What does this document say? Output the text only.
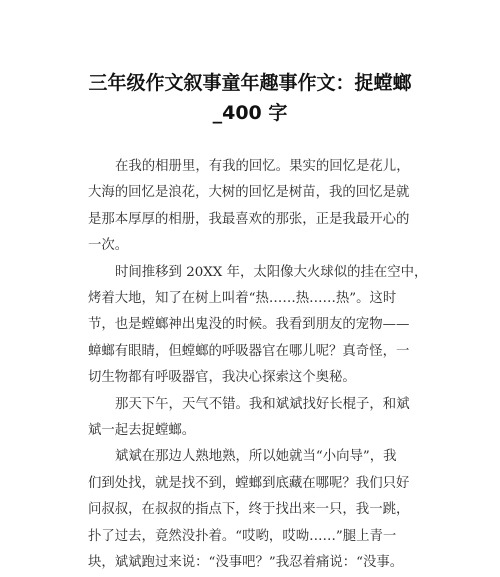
三年级作文叙事童年趣事作文：捉螳螂
_400 字
在我的相册里，有我的回忆。果实的回忆是花儿，
大海的回忆是浪花，大树的回忆是树苗，我的回忆是就
是那本厚厚的相册，我最喜欢的那张，正是我最开心的
一次。
时间推移到 20XX 年，太阳像大火球似的挂在空中，
烤着大地，知了在树上叫着“热……热……热”。这时
节，也是螳螂神出鬼没的时候。我看到朋友的宠物——
蟑螂有眼睛，但螳螂的呼吸器官在哪儿呢？真奇怪，一
切生物都有呼吸器官，我决心探索这个奥秘。
那天下午，天气不错。我和斌斌找好长棍子，和斌
斌一起去捉螳螂。
斌斌在那边人熟地熟，所以她就当“小向导”，我
们到处找，就是找不到，螳螂到底藏在哪呢？我们只好
问叔叔，在叔叔的指点下，终于找出来一只，我一跳，
扑了过去，竟然没扑着。“哎哟，哎呦……”腿上青一
块，斌斌跑过来说：“没事吧？”我忍着痛说：“没事。
